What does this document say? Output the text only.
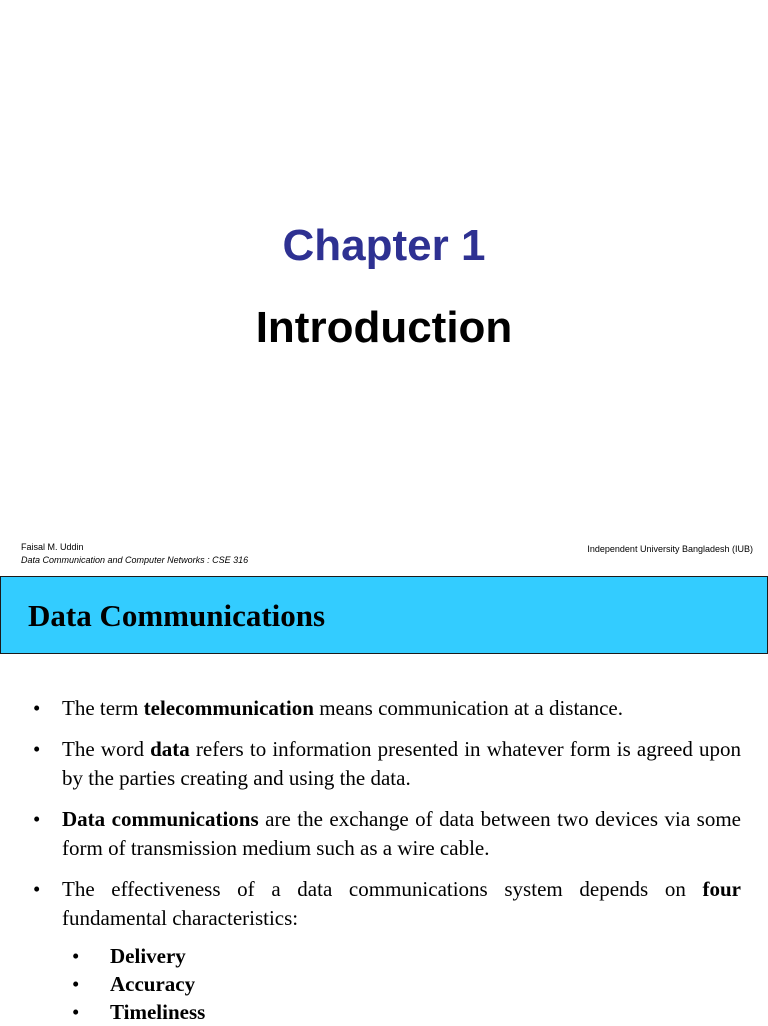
Chapter 1
Introduction
Faisal M. Uddin
Data Communication and Computer Networks : CSE 316
Independent University Bangladesh (IUB)
Data Communications
• The term telecommunication means communication at a distance.
• The word data refers to information presented in whatever form is agreed upon by the parties creating and using the data.
• Data communications are the exchange of data between two devices via some form of transmission medium such as a wire cable.
• The effectiveness of a data communications system depends on four fundamental characteristics:
• Delivery
• Accuracy
• Timeliness
